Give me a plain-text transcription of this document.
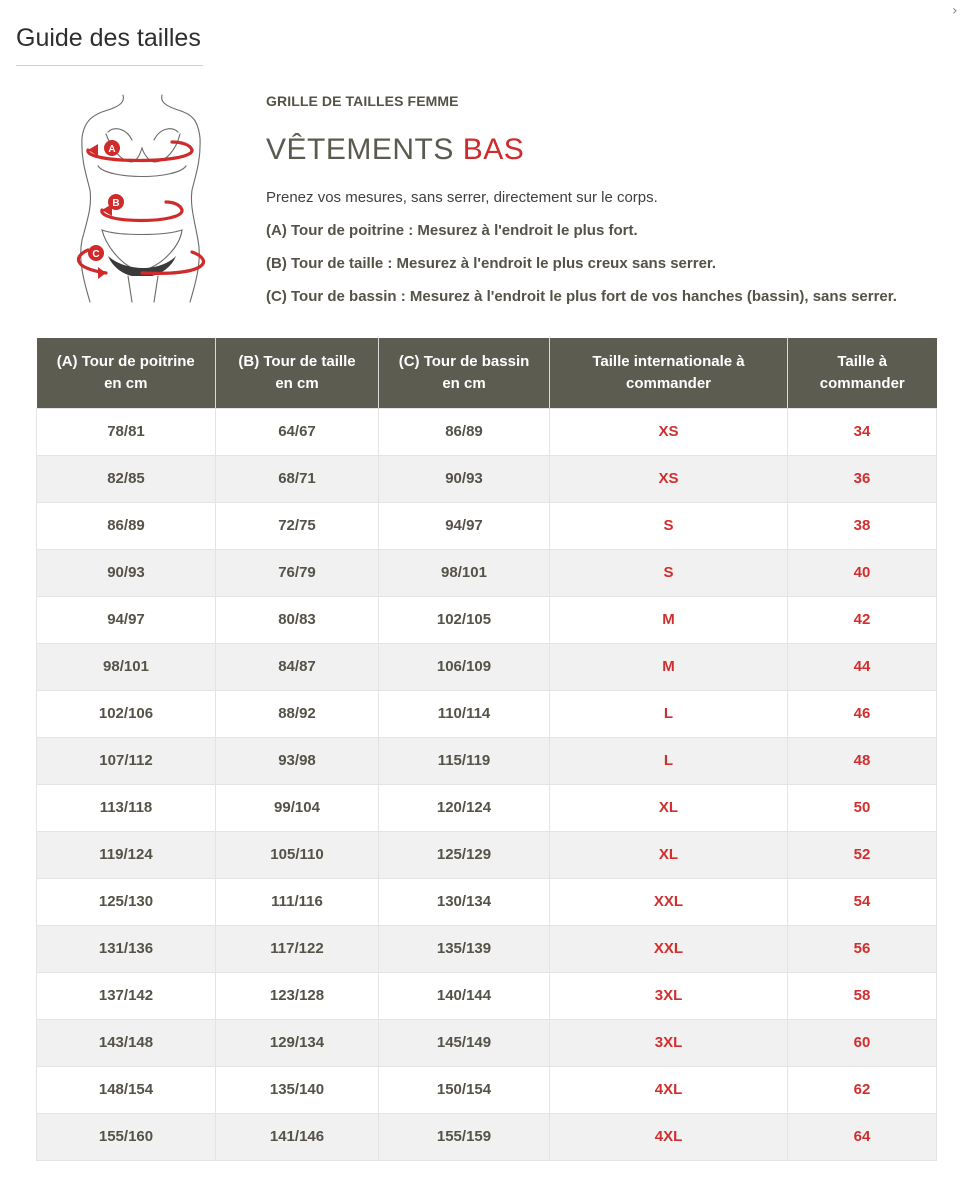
›
Guide des tailles
A
B
C

GRILLE DE TAILLES FEMME

VÊTEMENTS BAS

Prenez vos mesures, sans serrer, directement sur le corps.

(A) Tour de poitrine : Mesurez à l'endroit le plus fort.

(B) Tour de taille : Mesurez à l'endroit le plus creux sans serrer.

(C) Tour de bassin : Mesurez à l'endroit le plus fort de vos hanches (bassin), sans serrer.

(A) Tour de poitrine
en cm	(B) Tour de taille
en cm	(C) Tour de bassin
en cm	Taille internationale à
commander	Taille à
commander
78/81	64/67	86/89	XS	34
82/85	68/71	90/93	XS	36
86/89	72/75	94/97	S	38
90/93	76/79	98/101	S	40
94/97	80/83	102/105	M	42
98/101	84/87	106/109	M	44
102/106	88/92	110/114	L	46
107/112	93/98	115/119	L	48
113/118	99/104	120/124	XL	50
119/124	105/110	125/129	XL	52
125/130	111/116	130/134	XXL	54
131/136	117/122	135/139	XXL	56
137/142	123/128	140/144	3XL	58
143/148	129/134	145/149	3XL	60
148/154	135/140	150/154	4XL	62
155/160	141/146	155/159	4XL	64
